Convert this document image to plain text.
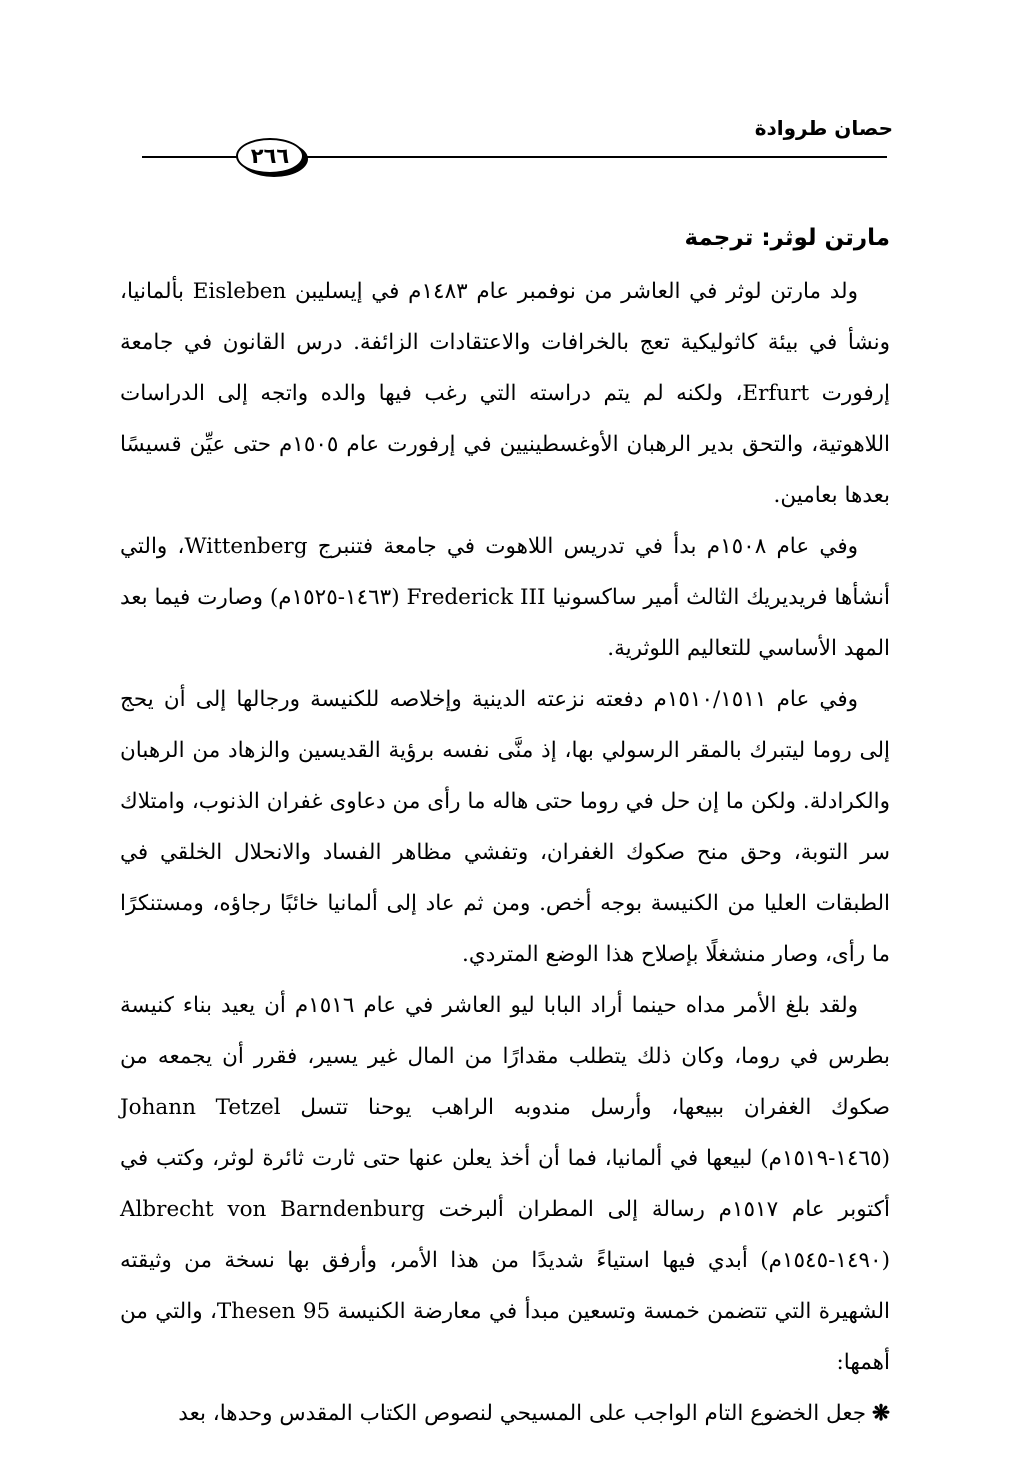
حصان طروادة
٢٦٦
مارتن لوثر: ترجمة

ولد مارتن لوثر في العاشر من نوفمبر عام ١٤٨٣م في إيسليبن Eisleben بألمانيا، ونشأ في بيئة كاثوليكية تعج بالخرافات والاعتقادات الزائفة. درس القانون في جامعة إرفورت Erfurt، ولكنه لم يتم دراسته التي رغب فيها والده واتجه إلى الدراسات اللاهوتية، والتحق بدير الرهبان الأوغسطينيين في إرفورت عام ١٥٠٥م حتى عيِّن قسيسًا بعدها بعامين.

وفي عام ١٥٠٨م بدأ في تدريس اللاهوت في جامعة فتنبرج Wittenberg، والتي أنشأها فريديريك الثالث أمير ساكسونيا Frederick III (١٤٦٣-١٥٢٥م) وصارت فيما بعد المهد الأساسي للتعاليم اللوثرية.

وفي عام ١٥١٠/١٥١١م دفعته نزعته الدينية وإخلاصه للكنيسة ورجالها إلى أن يحج إلى روما ليتبرك بالمقر الرسولي بها، إذ منَّى نفسه برؤية القديسين والزهاد من الرهبان والكرادلة. ولكن ما إن حل في روما حتى هاله ما رأى من دعاوى غفران الذنوب، وامتلاك سر التوبة، وحق منح صكوك الغفران، وتفشي مظاهر الفساد والانحلال الخلقي في الطبقات العليا من الكنيسة بوجه أخص. ومن ثم عاد إلى ألمانيا خائبًا رجاؤه، ومستنكرًا ما رأى، وصار منشغلًا بإصلاح هذا الوضع المتردي.

ولقد بلغ الأمر مداه حينما أراد البابا ليو العاشر في عام ١٥١٦م أن يعيد بناء كنيسة بطرس في روما، وكان ذلك يتطلب مقدارًا من المال غير يسير، فقرر أن يجمعه من صكوك الغفران ببيعها، وأرسل مندوبه الراهب يوحنا تتسل Johann Tetzel (١٤٦٥-١٥١٩م) لبيعها في ألمانيا، فما أن أخذ يعلن عنها حتى ثارت ثائرة لوثر، وكتب في أكتوبر عام ١٥١٧م رسالة إلى المطران ألبرخت Albrecht von Barndenburg (١٤٩٠-١٥٤٥م) أبدي فيها استياءً شديدًا من هذا الأمر، وأرفق بها نسخة من وثيقته الشهيرة التي تتضمن خمسة وتسعين مبدأ في معارضة الكنيسة 95 Thesen، والتي من أهمها:

❋جعل الخضوع التام الواجب على المسيحي لنصوص الكتاب المقدس وحدها، بعد
